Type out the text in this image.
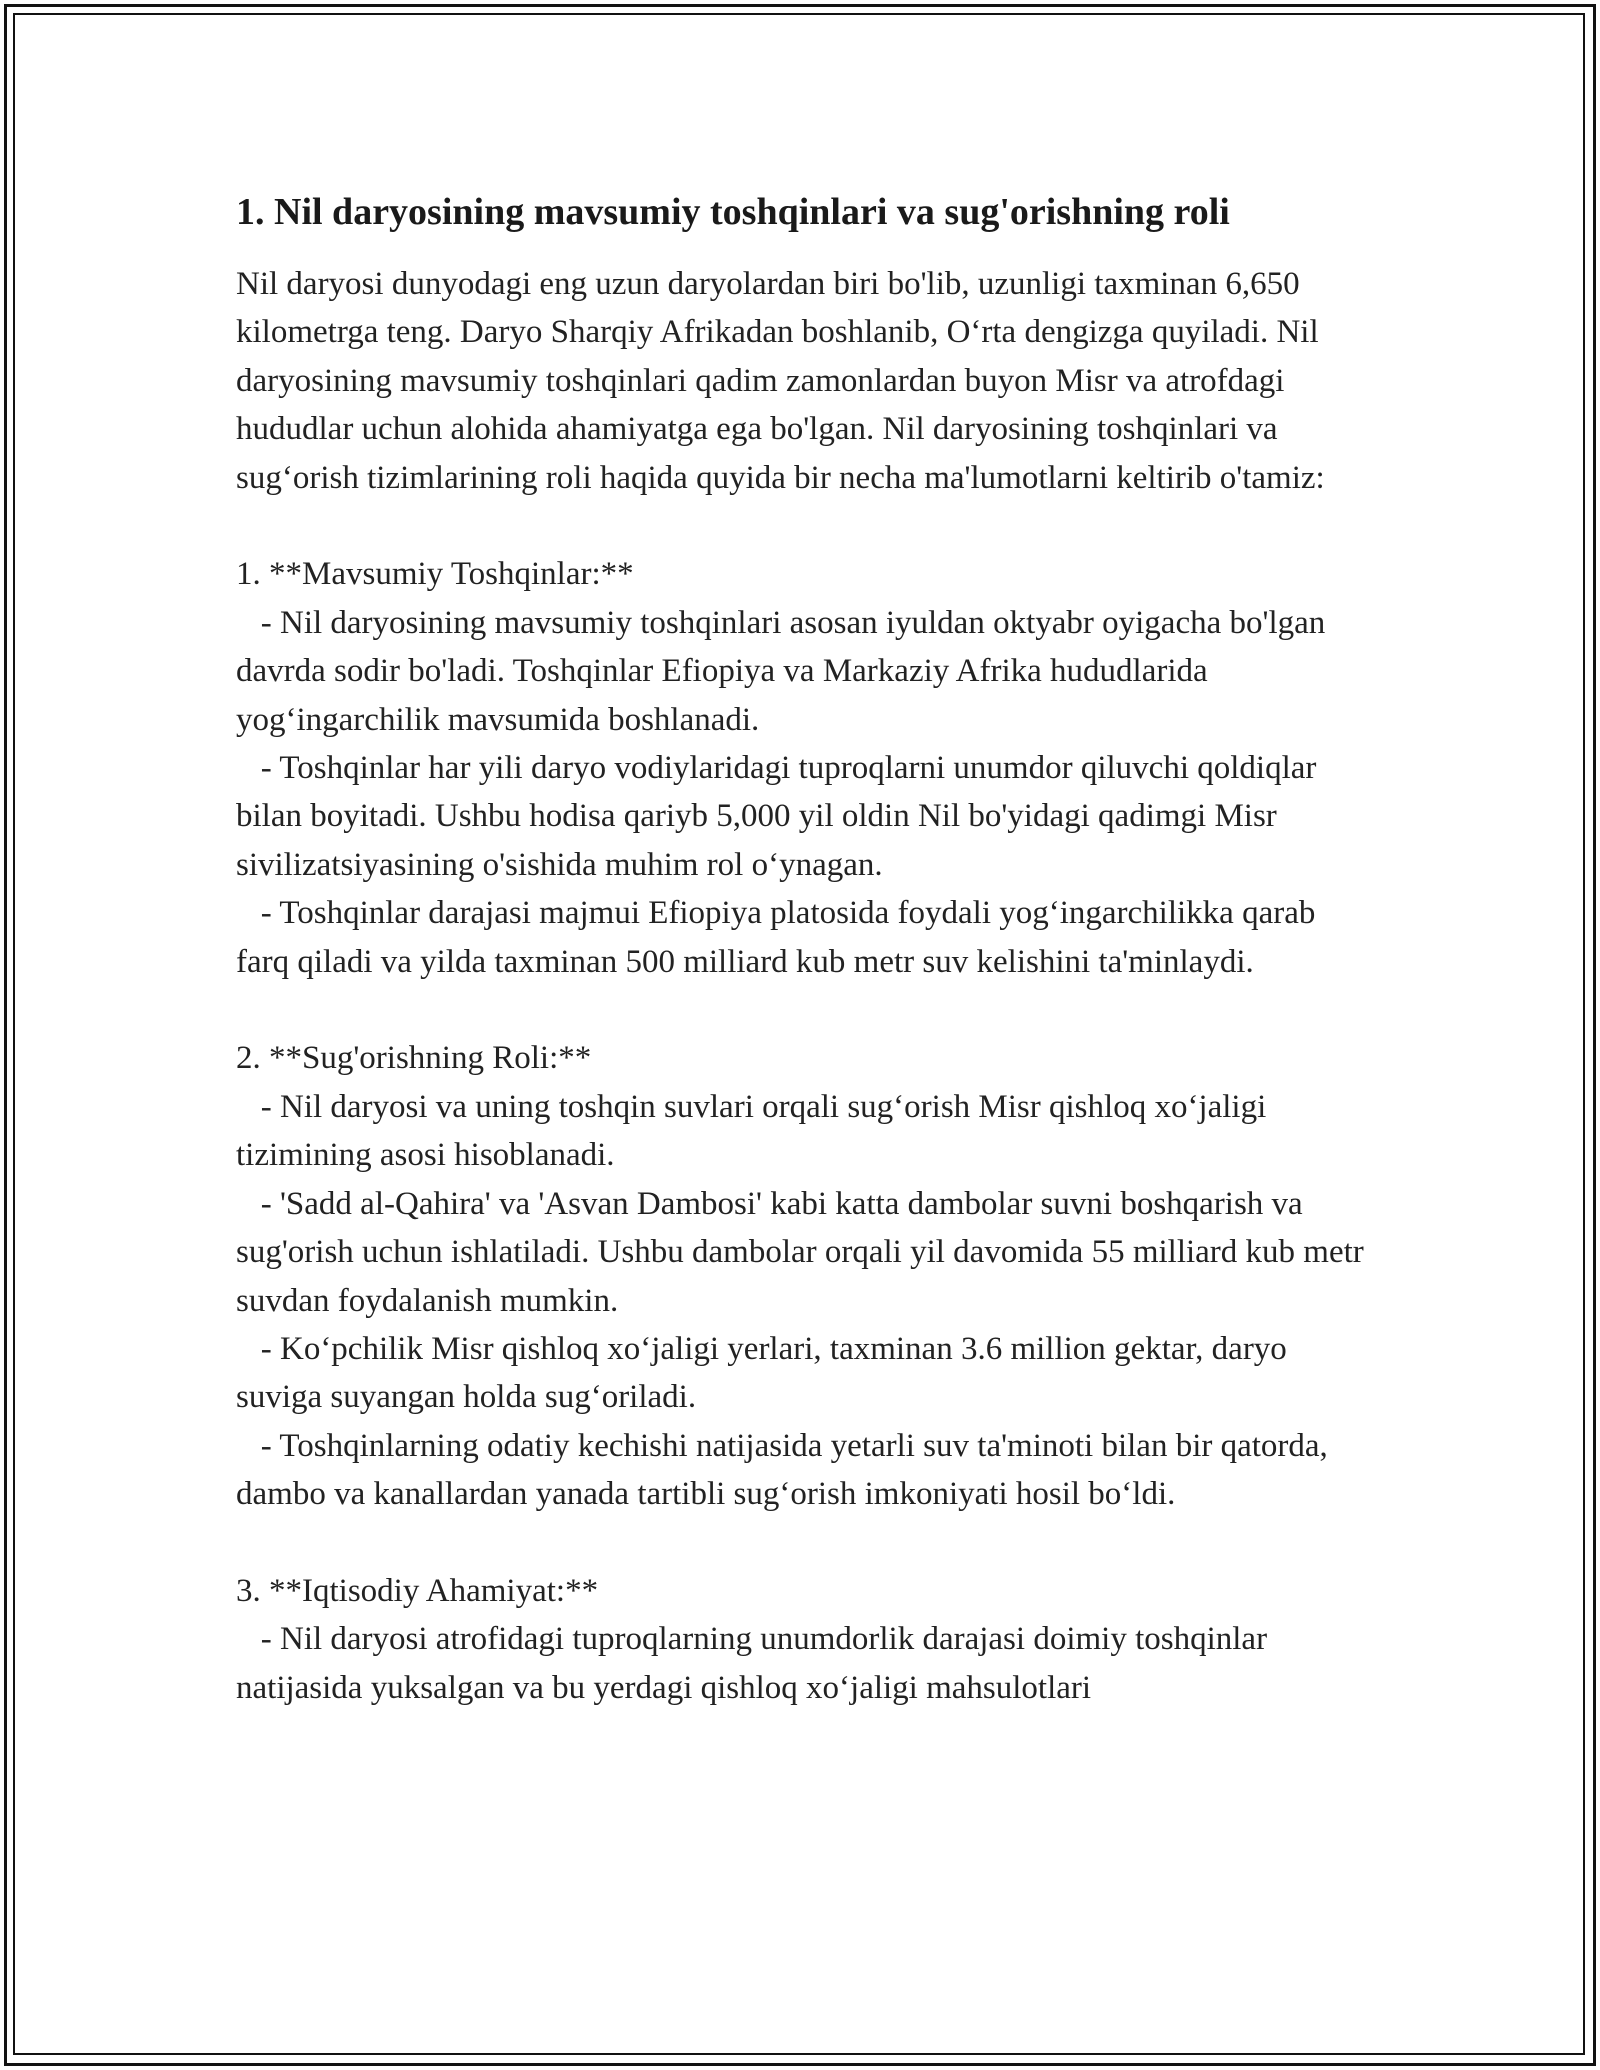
1. Nil daryosining mavsumiy toshqinlari va sug'orishning roli

Nil daryosi dunyodagi eng uzun daryolardan biri bo'lib, uzunligi taxminan 6,650 kilometrga teng. Daryo Sharqiy Afrikadan boshlanib, O‘rta dengizga quyiladi. Nil daryosining mavsumiy toshqinlari qadim zamonlardan buyon Misr va atrofdagi hududlar uchun alohida ahamiyatga ega bo'lgan. Nil daryosining toshqinlari va sug‘orish tizimlarining roli haqida quyida bir necha ma'lumotlarni keltirib o'tamiz:

1. **Mavsumiy Toshqinlar:**

- Nil daryosining mavsumiy toshqinlari asosan iyuldan oktyabr oyigacha bo'lgan davrda sodir bo'ladi. Toshqinlar Efiopiya va Markaziy Afrika hududlarida yog‘ingarchilik mavsumida boshlanadi.

- Toshqinlar har yili daryo vodiylaridagi tuproqlarni unumdor qiluvchi qoldiqlar bilan boyitadi. Ushbu hodisa qariyb 5,000 yil oldin Nil bo'yidagi qadimgi Misr sivilizatsiyasining o'sishida muhim rol o‘ynagan.

- Toshqinlar darajasi majmui Efiopiya platosida foydali yog‘ingarchilikka qarab farq qiladi va yilda taxminan 500 milliard kub metr suv kelishini ta'minlaydi.

2. **Sug'orishning Roli:**

- Nil daryosi va uning toshqin suvlari orqali sug‘orish Misr qishloq xo‘jaligi tizimining asosi hisoblanadi.

- 'Sadd al-Qahira' va 'Asvan Dambosi' kabi katta dambolar suvni boshqarish va sug'orish uchun ishlatiladi. Ushbu dambolar orqali yil davomida 55 milliard kub metr suvdan foydalanish mumkin.

- Ko‘pchilik Misr qishloq xo‘jaligi yerlari, taxminan 3.6 million gektar, daryo suviga suyangan holda sug‘oriladi.

- Toshqinlarning odatiy kechishi natijasida yetarli suv ta'minoti bilan bir qatorda, dambo va kanallardan yanada tartibli sug‘orish imkoniyati hosil bo‘ldi.

3. **Iqtisodiy Ahamiyat:**

- Nil daryosi atrofidagi tuproqlarning unumdorlik darajasi doimiy toshqinlar natijasida yuksalgan va bu yerdagi qishloq xo‘jaligi mahsulotlari
